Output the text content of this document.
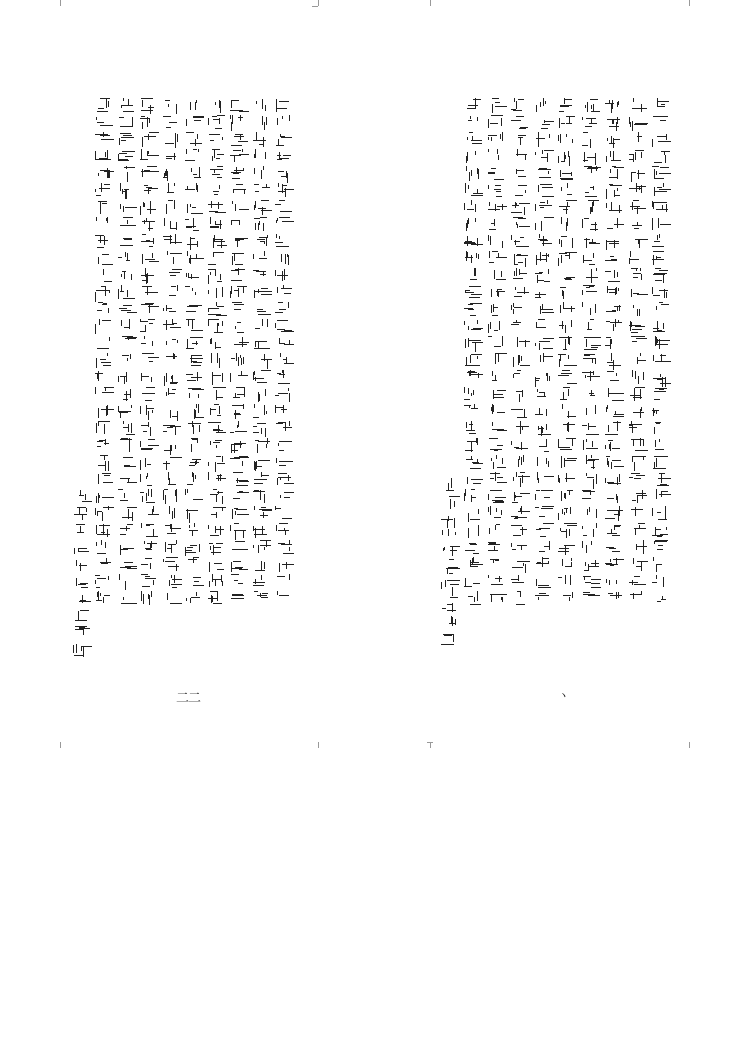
二二	ヽ
